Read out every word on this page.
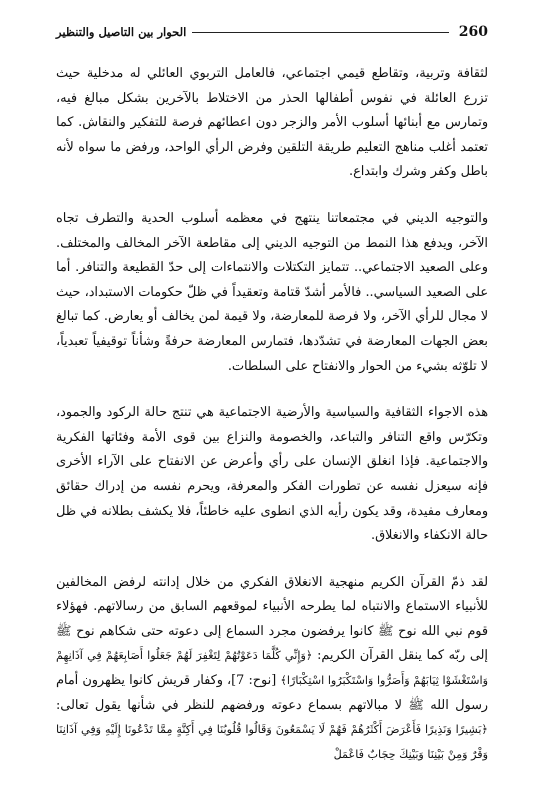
260
الحوار بين التاصيل والتنظير

لثقافة وتربية، وتقاطع قيمي اجتماعي، فالعامل التربوي العائلي له مدخلية حيث تزرع العائلة في نفوس أطفالها الحذر من الاختلاط بالآخرين بشكل مبالغ فيه، وتمارس مع أبنائها أسلوب الأمر والزجر دون اعطائهم فرصة للتفكير والنقاش. كما تعتمد أغلب مناهج التعليم طريقة التلقين وفرض الرأي الواحد، ورفض ما سواه لأنه باطل وكفر وشرك وابتداع.

والتوجيه الديني في مجتمعاتنا ينتهج في معظمه أسلوب الحدية والتطرف تجاه الآخر، ويدفع هذا النمط من التوجيه الديني إلى مقاطعة الآخر المخالف والمختلف. وعلى الصعيد الاجتماعي.. تتمايز التكتلات والانتماءات إلى حدّ القطيعة والتنافر. أما على الصعيد السياسي.. فالأمر أشدّ قتامة وتعقيداً في ظلّ حكومات الاستبداد، حيث لا مجال للرأي الآخر، ولا فرصة للمعارضة، ولا قيمة لمن يخالف أو يعارض. كما تبالغ بعض الجهات المعارضة في تشدّدها، فتمارس المعارضة حرفةً وشأناً توقيفياً تعبدياً، لا تلوّثه بشيء من الحوار والانفتاح على السلطات.

هذه الاجواء الثقافية والسياسية والأرضية الاجتماعية هي تنتج حالة الركود والجمود، وتكرّس واقع التنافر والتباعد، والخصومة والنزاع بين قوى الأمة وفئاتها الفكرية والاجتماعية. فإذا انغلق الإنسان على رأي وأعرض عن الانفتاح على الآراء الأخرى فإنه سيعزل نفسه عن تطورات الفكر والمعرفة، ويحرم نفسه من إدراك حقائق ومعارف مفيدة، وقد يكون رأيه الذي انطوى عليه خاطئاً، فلا يكشف بطلانه في ظل حالة الانكفاء والانغلاق.

لقد ذمّ القرآن الكريم منهجية الانغلاق الفكري من خلال إدانته لرفض المخالفين للأنبياء الاستماع والانتباه لما يطرحه الأنبياء لموقعهم السابق من رسالاتهم. فهؤلاء قوم نبي الله نوح ﷺ كانوا يرفضون مجرد السماع إلى دعوته حتى شكاهم نوح ﷺ إلى ربّه كما ينقل القرآن الكريم: ﴿وَإِنِّي كُلَّمَا دَعَوْتُهُمْ لِتَغْفِرَ لَهُمْ جَعَلُوا أَصَابِعَهُمْ فِي آذَانِهِمْ وَاسْتَغْشَوْا ثِيَابَهُمْ وَأَصَرُّوا وَاسْتَكْبَرُوا اسْتِكْبَارًا﴾ [نوح: 7]، وكفار قريش كانوا يظهرون أمام رسول الله ﷺ لا مبالاتهم بسماع دعوته ورفضهم للنظر في شأنها يقول تعالى: ﴿بَشِيرًا وَنَذِيرًا فَأَعْرَضَ أَكْثَرُهُمْ فَهُمْ لَا يَسْمَعُونَ وَقَالُوا قُلُوبُنَا فِي أَكِنَّةٍ مِمَّا تَدْعُونَا إِلَيْهِ وَفِي آذَانِنَا وَقْرٌ وَمِنْ بَيْنِنَا وَبَيْنِكَ حِجَابٌ فَاعْمَلْ
